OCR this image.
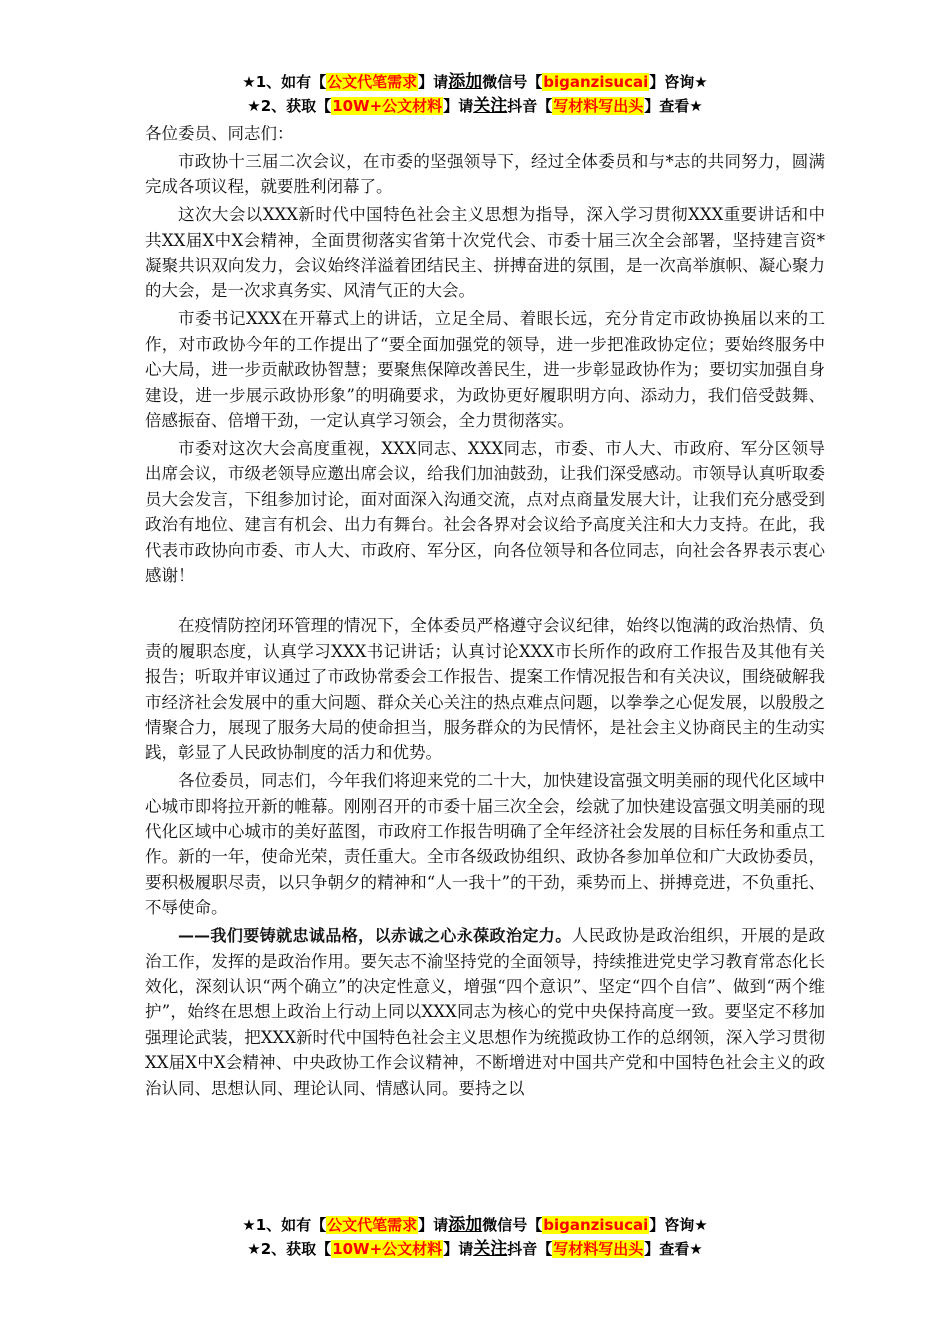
★1、如有【公文代笔需求】请添加微信号【biganzisucai】咨询★
★2、获取【10W+公文材料】请关注抖音【写材料写出头】查看★

各位委员、同志们：

市政协十三届二次会议，在市委的坚强领导下，经过全体委员和与*志的共同努力，圆满完成各项议程，就要胜利闭幕了。

这次大会以XXX新时代中国特色社会主义思想为指导，深入学习贯彻XXX重要讲话和中共XX届X中X会精神，全面贯彻落实省第十次党代会、市委十届三次全会部署，坚持建言资*凝聚共识双向发力，会议始终洋溢着团结民主、拼搏奋进的氛围，是一次高举旗帜、凝心聚力的大会，是一次求真务实、风清气正的大会。

市委书记XXX在开幕式上的讲话，立足全局、着眼长远，充分肯定市政协换届以来的工作，对市政协今年的工作提出了“要全面加强党的领导，进一步把准政协定位；要始终服务中心大局，进一步贡献政协智慧；要聚焦保障改善民生，进一步彰显政协作为；要切实加强自身建设，进一步展示政协形象”的明确要求，为政协更好履职明方向、添动力，我们倍受鼓舞、倍感振奋、倍增干劲，一定认真学习领会，全力贯彻落实。

市委对这次大会高度重视，XXX同志、XXX同志，市委、市人大、市政府、军分区领导出席会议，市级老领导应邀出席会议，给我们加油鼓劲，让我们深受感动。市领导认真听取委员大会发言，下组参加讨论，面对面深入沟通交流，点对点商量发展大计，让我们充分感受到政治有地位、建言有机会、出力有舞台。社会各界对会议给予高度关注和大力支持。在此，我代表市政协向市委、市人大、市政府、军分区，向各位领导和各位同志，向社会各界表示衷心感谢！

在疫情防控闭环管理的情况下，全体委员严格遵守会议纪律，始终以饱满的政治热情、负责的履职态度，认真学习XXX书记讲话；认真讨论XXX市长所作的政府工作报告及其他有关报告；听取并审议通过了市政协常委会工作报告、提案工作情况报告和有关决议，围绕破解我市经济社会发展中的重大问题、群众关心关注的热点难点问题，以拳拳之心促发展，以殷殷之情聚合力，展现了服务大局的使命担当，服务群众的为民情怀，是社会主义协商民主的生动实践，彰显了人民政协制度的活力和优势。

各位委员，同志们，今年我们将迎来党的二十大，加快建设富强文明美丽的现代化区域中心城市即将拉开新的帷幕。刚刚召开的市委十届三次全会，绘就了加快建设富强文明美丽的现代化区域中心城市的美好蓝图，市政府工作报告明确了全年经济社会发展的目标任务和重点工作。新的一年，使命光荣，责任重大。全市各级政协组织、政协各参加单位和广大政协委员，要积极履职尽责，以只争朝夕的精神和“人一我十”的干劲，乘势而上、拼搏竞进，不负重托、不辱使命。

——我们要铸就忠诚品格，以赤诚之心永葆政治定力。人民政协是政治组织，开展的是政治工作，发挥的是政治作用。要矢志不渝坚持党的全面领导，持续推进党史学习教育常态化长效化，深刻认识“两个确立”的决定性意义，增强“四个意识”、坚定“四个自信”、做到“两个维护”，始终在思想上政治上行动上同以XXX同志为核心的党中央保持高度一致。要坚定不移加强理论武装，把XXX新时代中国特色社会主义思想作为统揽政协工作的总纲领，深入学习贯彻XX届X中X会精神、中央政协工作会议精神，不断增进对中国共产党和中国特色社会主义的政治认同、思想认同、理论认同、情感认同。要持之以

★1、如有【公文代笔需求】请添加微信号【biganzisucai】咨询★
★2、获取【10W+公文材料】请关注抖音【写材料写出头】查看★
